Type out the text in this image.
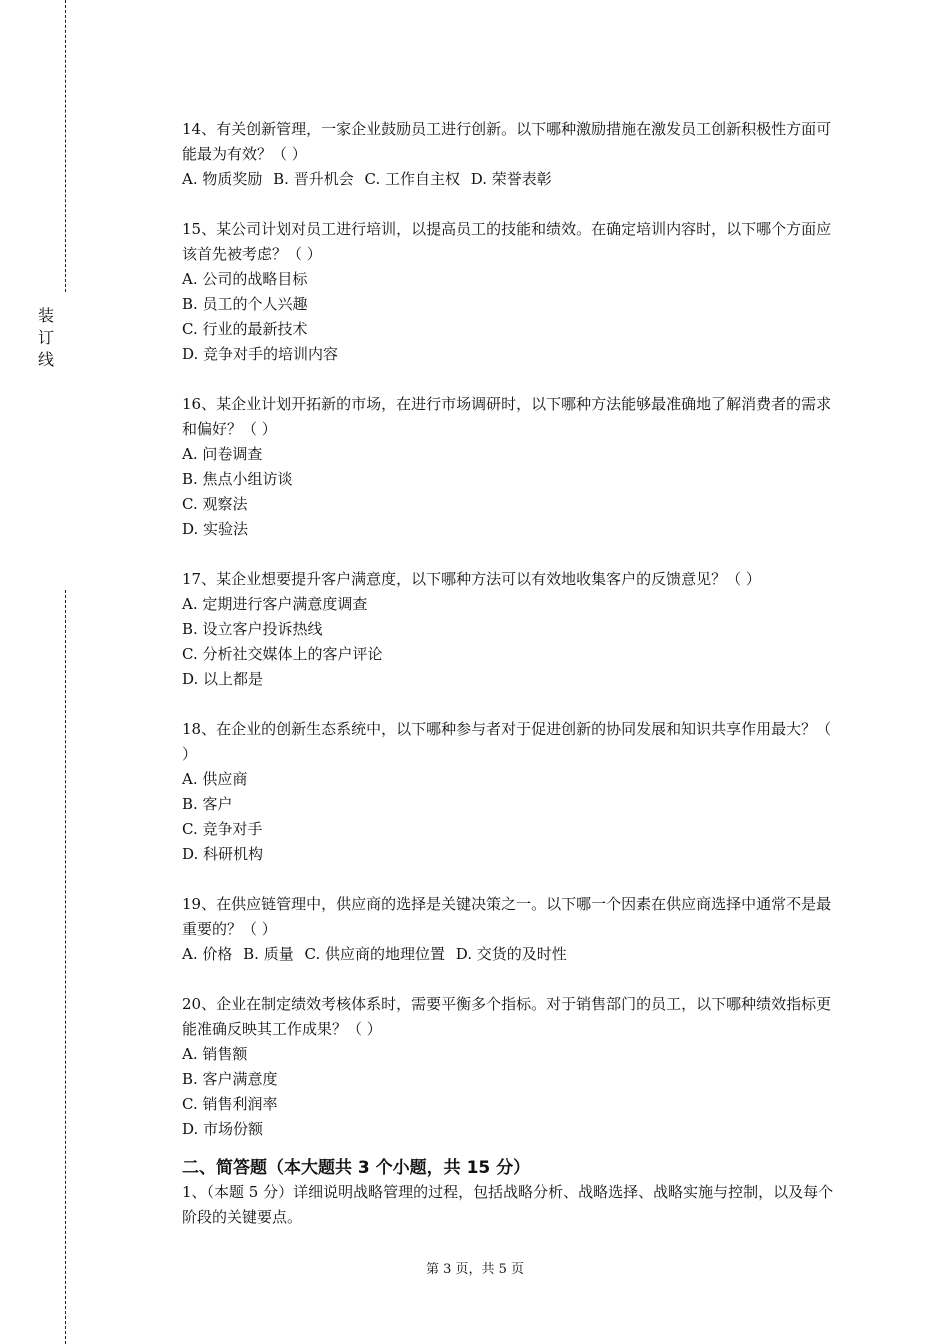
装
订
线

14、有关创新管理，一家企业鼓励员工进行创新。以下哪种激励措施在激发员工创新积极性方面可能最为有效？（ ）

A. 物质奖励 B. 晋升机会 C. 工作自主权 D. 荣誉表彰

15、某公司计划对员工进行培训，以提高员工的技能和绩效。在确定培训内容时，以下哪个方面应该首先被考虑？（ ）

A. 公司的战略目标

B. 员工的个人兴趣

C. 行业的最新技术

D. 竞争对手的培训内容

16、某企业计划开拓新的市场，在进行市场调研时，以下哪种方法能够最准确地了解消费者的需求和偏好？（ ）

A. 问卷调查

B. 焦点小组访谈

C. 观察法

D. 实验法

17、某企业想要提升客户满意度，以下哪种方法可以有效地收集客户的反馈意见？（ ）

A. 定期进行客户满意度调查

B. 设立客户投诉热线

C. 分析社交媒体上的客户评论

D. 以上都是

18、在企业的创新生态系统中，以下哪种参与者对于促进创新的协同发展和知识共享作用最大？（ ）

A. 供应商

B. 客户

C. 竞争对手

D. 科研机构

19、在供应链管理中，供应商的选择是关键决策之一。以下哪一个因素在供应商选择中通常不是最重要的？（ ）

A. 价格 B. 质量 C. 供应商的地理位置 D. 交货的及时性

20、企业在制定绩效考核体系时，需要平衡多个指标。对于销售部门的员工，以下哪种绩效指标更能准确反映其工作成果？（ ）

A. 销售额

B. 客户满意度

C. 销售利润率

D. 市场份额

二、简答题（本大题共 3 个小题，共 15 分）
1、（本题 5 分）详细说明战略管理的过程，包括战略分析、战略选择、战略实施与控制，以及每个阶段的关键要点。
第 3 页，共 5 页
